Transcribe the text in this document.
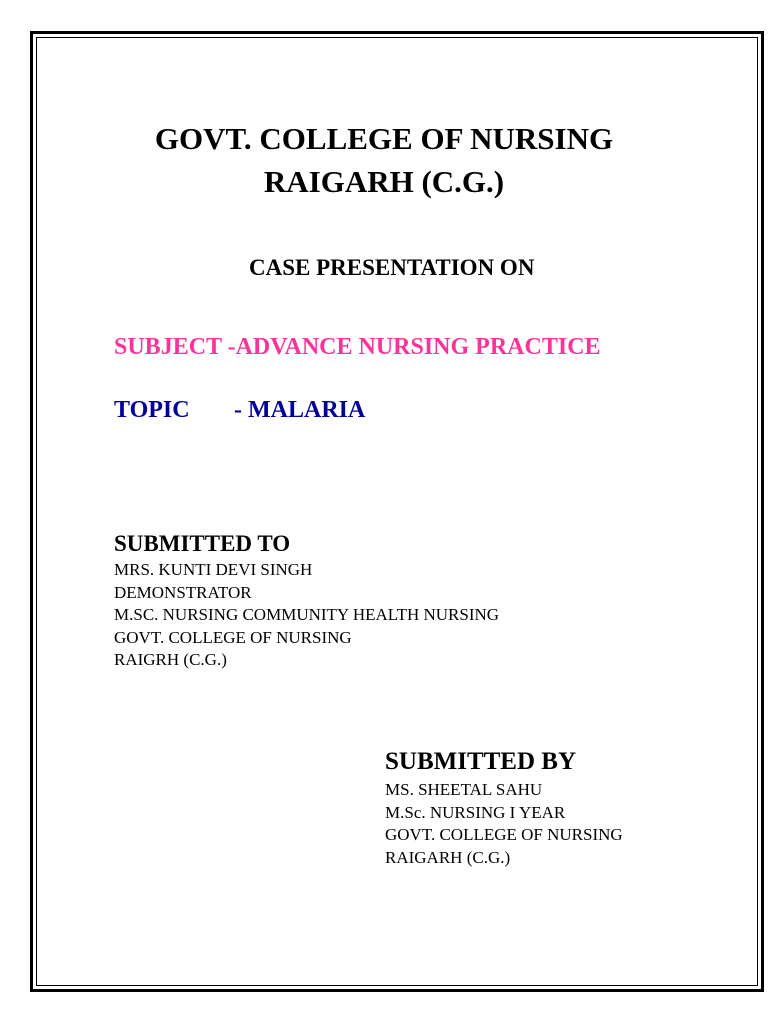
GOVT. COLLEGE OF NURSING
RAIGARH (C.G.)
CASE PRESENTATION ON
SUBJECT -ADVANCE NURSING PRACTICE
TOPIC - MALARIA
SUBMITTED TO
MRS. KUNTI DEVI SINGH
DEMONSTRATOR
M.SC. NURSING COMMUNITY HEALTH NURSING
GOVT. COLLEGE OF NURSING
RAIGRH (C.G.)
SUBMITTED BY
MS. SHEETAL SAHU
M.Sc. NURSING I YEAR
GOVT. COLLEGE OF NURSING
RAIGARH (C.G.)
